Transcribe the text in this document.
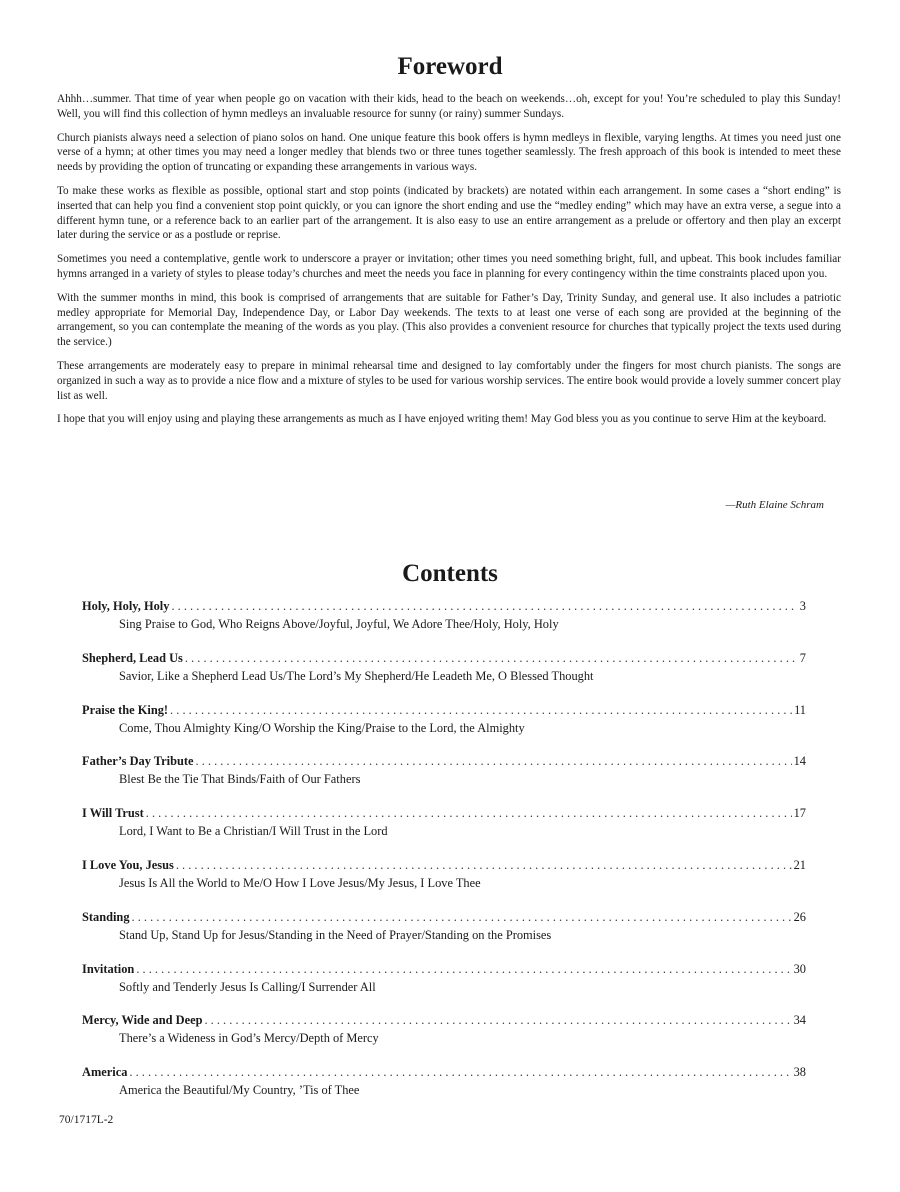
Foreword

Ahhh…summer. That time of year when people go on vacation with their kids, head to the beach on weekends…oh, except for you! You’re scheduled to play this Sunday! Well, you will find this collection of hymn medleys an invaluable resource for sunny (or rainy) summer Sundays.

Church pianists always need a selection of piano solos on hand. One unique feature this book offers is hymn medleys in flexible, varying lengths. At times you need just one verse of a hymn; at other times you may need a longer medley that blends two or three tunes together seamlessly. The fresh approach of this book is intended to meet these needs by providing the option of truncating or expanding these arrangements in various ways.

To make these works as flexible as possible, optional start and stop points (indicated by brackets) are notated within each arrangement. In some cases a “short ending” is inserted that can help you find a convenient stop point quickly, or you can ignore the short ending and use the “medley ending” which may have an extra verse, a segue into a different hymn tune, or a reference back to an earlier part of the arrangement. It is also easy to use an entire arrangement as a prelude or offertory and then play an excerpt later during the service or as a postlude or reprise.

Sometimes you need a contemplative, gentle work to underscore a prayer or invitation; other times you need something bright, full, and upbeat. This book includes familiar hymns arranged in a variety of styles to please today’s churches and meet the needs you face in planning for every contingency within the time constraints placed upon you.

With the summer months in mind, this book is comprised of arrangements that are suitable for Father’s Day, Trinity Sunday, and general use. It also includes a patriotic medley appropriate for Memorial Day, Independence Day, or Labor Day weekends. The texts to at least one verse of each song are provided at the beginning of the arrangement, so you can contemplate the meaning of the words as you play. (This also provides a convenient resource for churches that typically project the texts used during the service.)

These arrangements are moderately easy to prepare in minimal rehearsal time and designed to lay comfortably under the fingers for most church pianists. The songs are organized in such a way as to provide a nice flow and a mixture of styles to be used for various worship services. The entire book would provide a lovely summer concert play list as well.

I hope that you will enjoy using and playing these arrangements as much as I have enjoyed writing them! May God bless you as you continue to serve Him at the keyboard.

—Ruth Elaine Schram
Contents
Holy, Holy, Holy . . .	3
Sing Praise to God, Who Reigns Above/Joyful, Joyful, We Adore Thee/Holy, Holy, Holy
Shepherd, Lead Us . . .	7
Savior, Like a Shepherd Lead Us/The Lord’s My Shepherd/He Leadeth Me, O Blessed Thought
Praise the King! . . .	11
Come, Thou Almighty King/O Worship the King/Praise to the Lord, the Almighty
Father’s Day Tribute . . .	14
Blest Be the Tie That Binds/Faith of Our Fathers
I Will Trust . . .	17
Lord, I Want to Be a Christian/I Will Trust in the Lord
I Love You, Jesus . . .	21
Jesus Is All the World to Me/O How I Love Jesus/My Jesus, I Love Thee
Standing . . .	26
Stand Up, Stand Up for Jesus/Standing in the Need of Prayer/Standing on the Promises
Invitation . . .	30
Softly and Tenderly Jesus Is Calling/I Surrender All
Mercy, Wide and Deep . . .	34
There’s a Wideness in God’s Mercy/Depth of Mercy
America . . .	38
America the Beautiful/My Country, ’Tis of Thee
70/1717L-2
